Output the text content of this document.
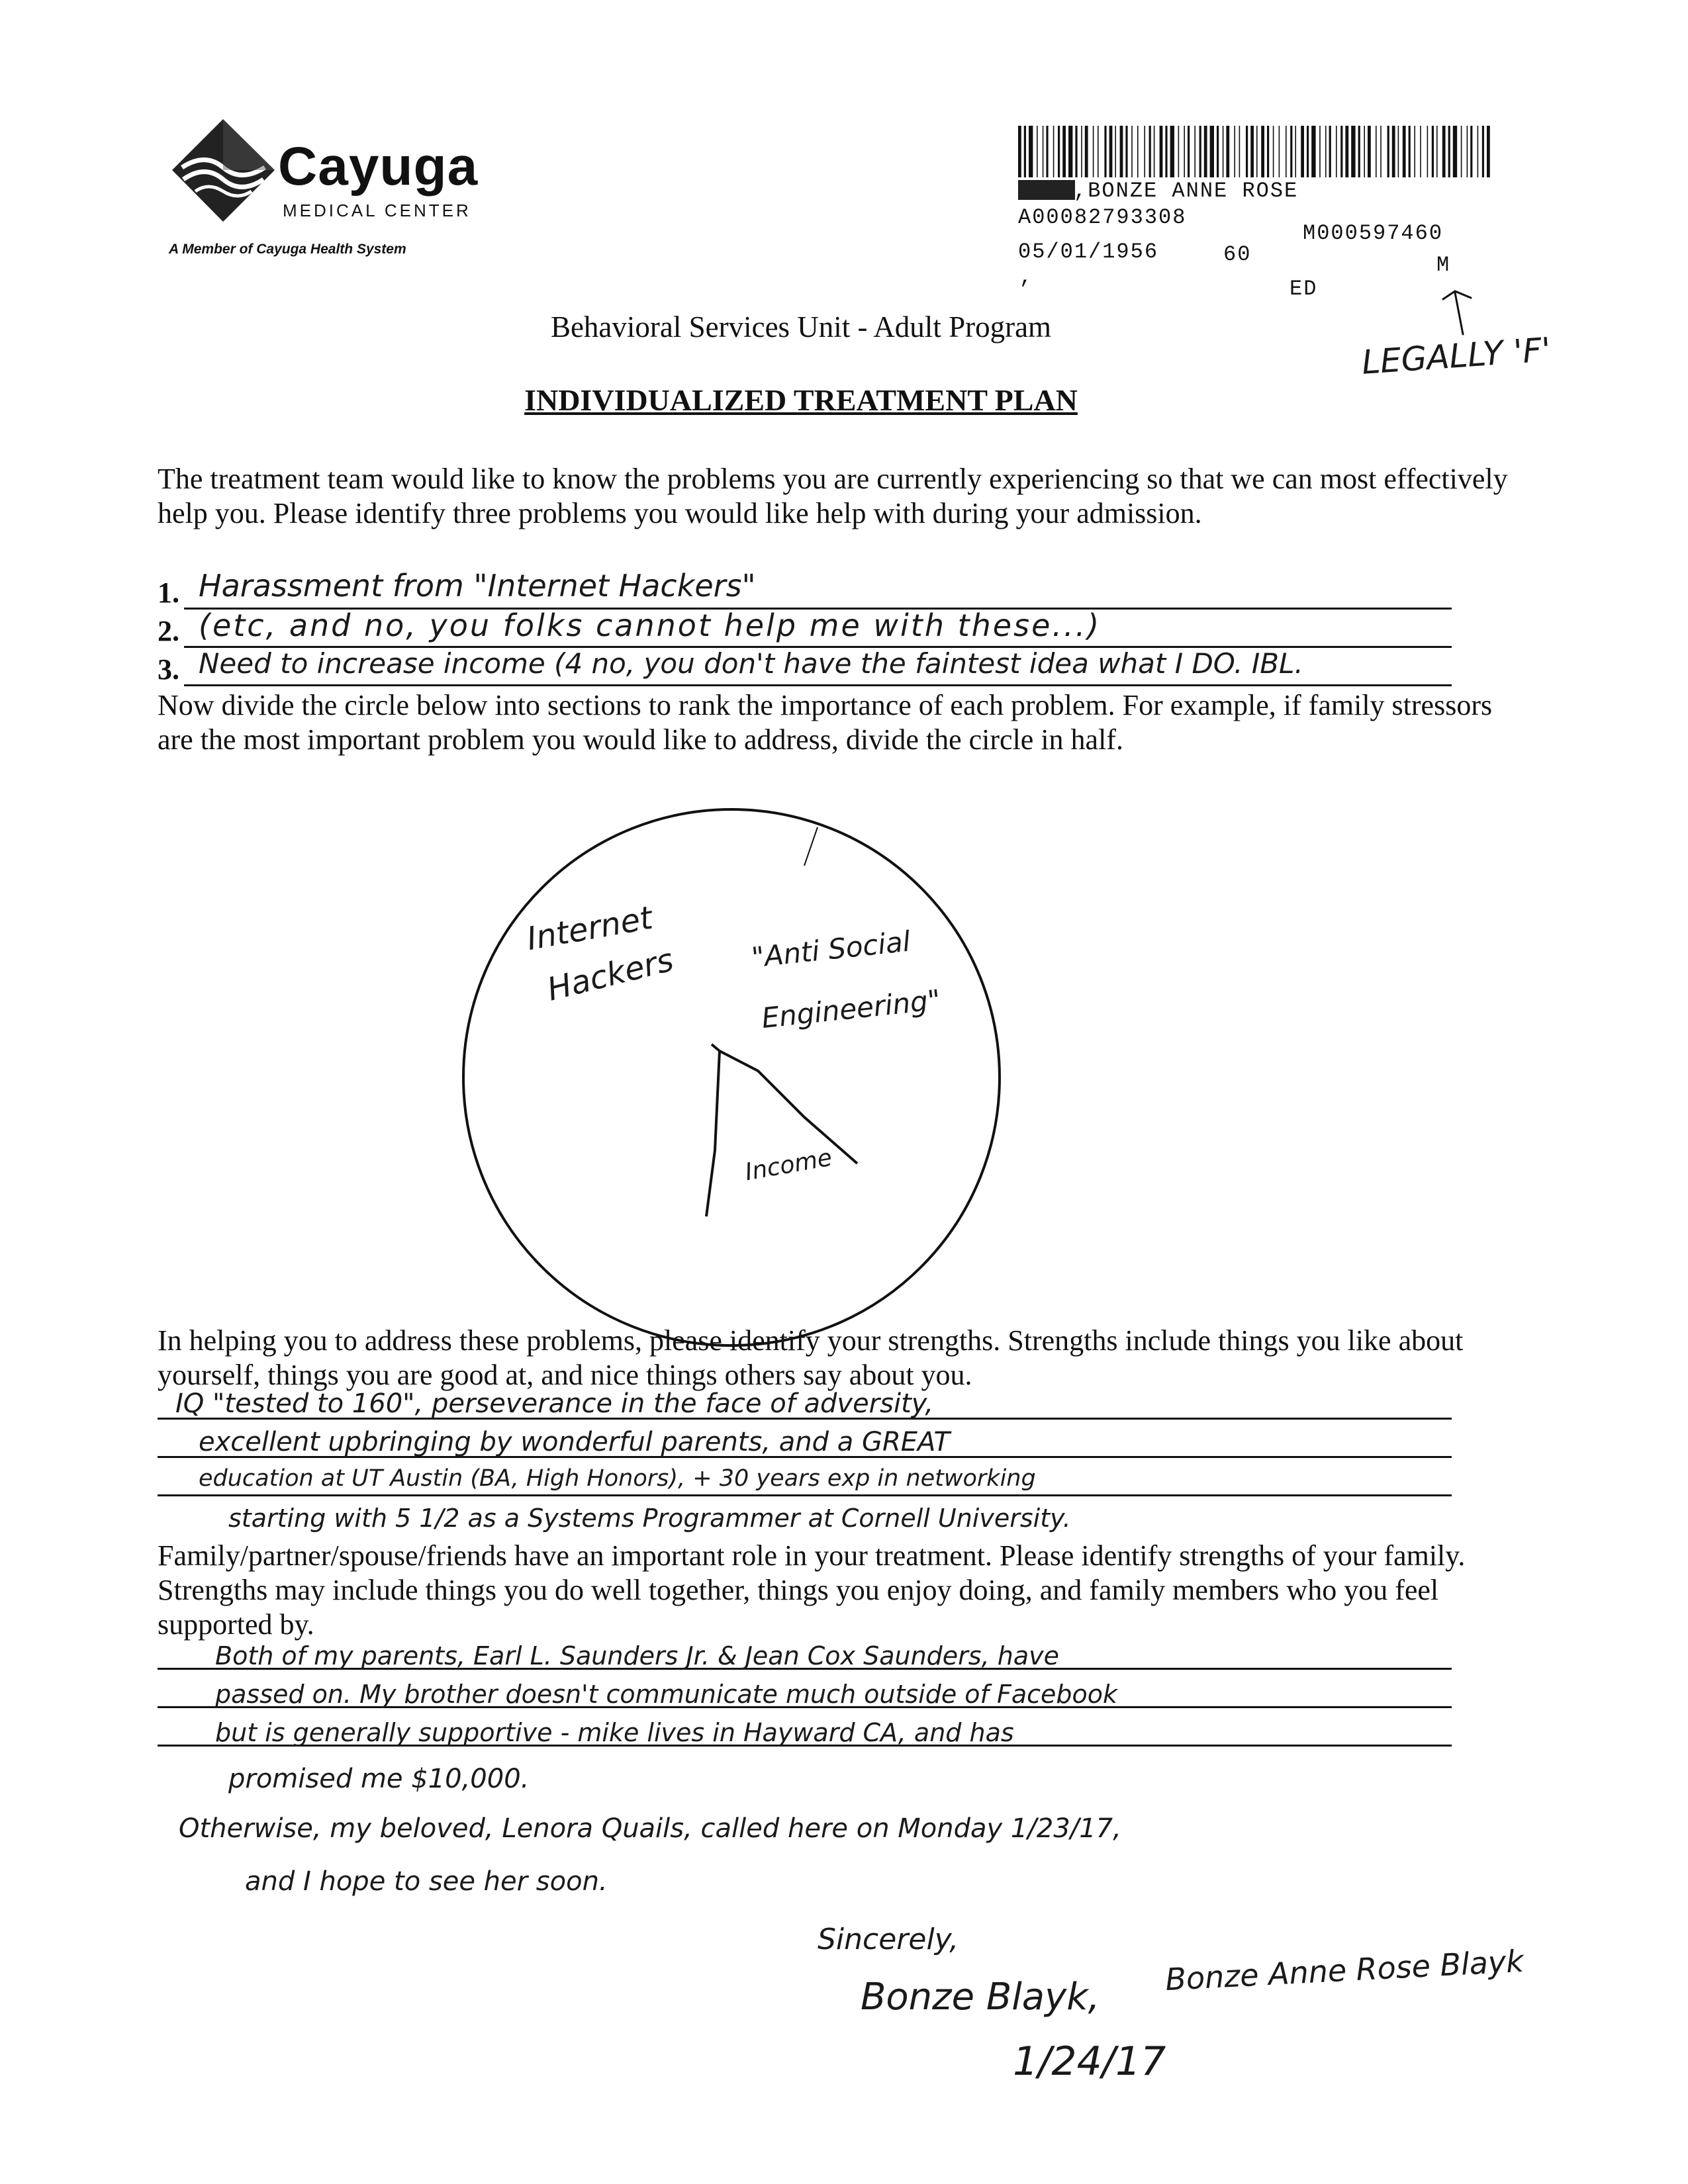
Cayuga
MEDICAL CENTER
A Member of Cayuga Health System
,BONZE ANNE ROSE
A00082793308
M000597460
05/01/1956	60	M
,	ED
LEGALLY 'F'
Behavioral Services Unit - Adult Program
INDIVIDUALIZED TREATMENT PLAN
The treatment team would like to know the problems you are currently experiencing so that we can most effectively help you. Please identify three problems you would like help with during your admission.
1. Harassment from "Internet Hackers"
2. (etc, and no, you folks cannot help me with these...)
3. Need to increase income (4 no, you don't have the faintest idea what I DO. IBL.
Now divide the circle below into sections to rank the importance of each problem. For example, if family stressors are the most important problem you would like to address, divide the circle in half.
Internet
Hackers	"Anti Social
Engineering"
Income
In helping you to address these problems, please identify your strengths. Strengths include things you like about yourself, things you are good at, and nice things others say about you.
IQ "tested to 160", perseverance in the face of adversity,
excellent upbringing by wonderful parents, and a GREAT
education at UT Austin (BA, High Honors), + 30 years exp in networking
starting with 5 1/2 as a Systems Programmer at Cornell University.
Family/partner/spouse/friends have an important role in your treatment. Please identify strengths of your family. Strengths may include things you do well together, things you enjoy doing, and family members who you feel supported by.
Both of my parents, Earl L. Saunders Jr. & Jean Cox Saunders, have
passed on. My brother doesn't communicate much outside of Facebook
but is generally supportive - mike lives in Hayward CA, and has
promised me $10,000.
Otherwise, my beloved, Lenora Quails, called here on Monday 1/23/17,
and I hope to see her soon.
Sincerely,
Bonze Blayk, Bonze Anne Rose Blayk
1/24/17
